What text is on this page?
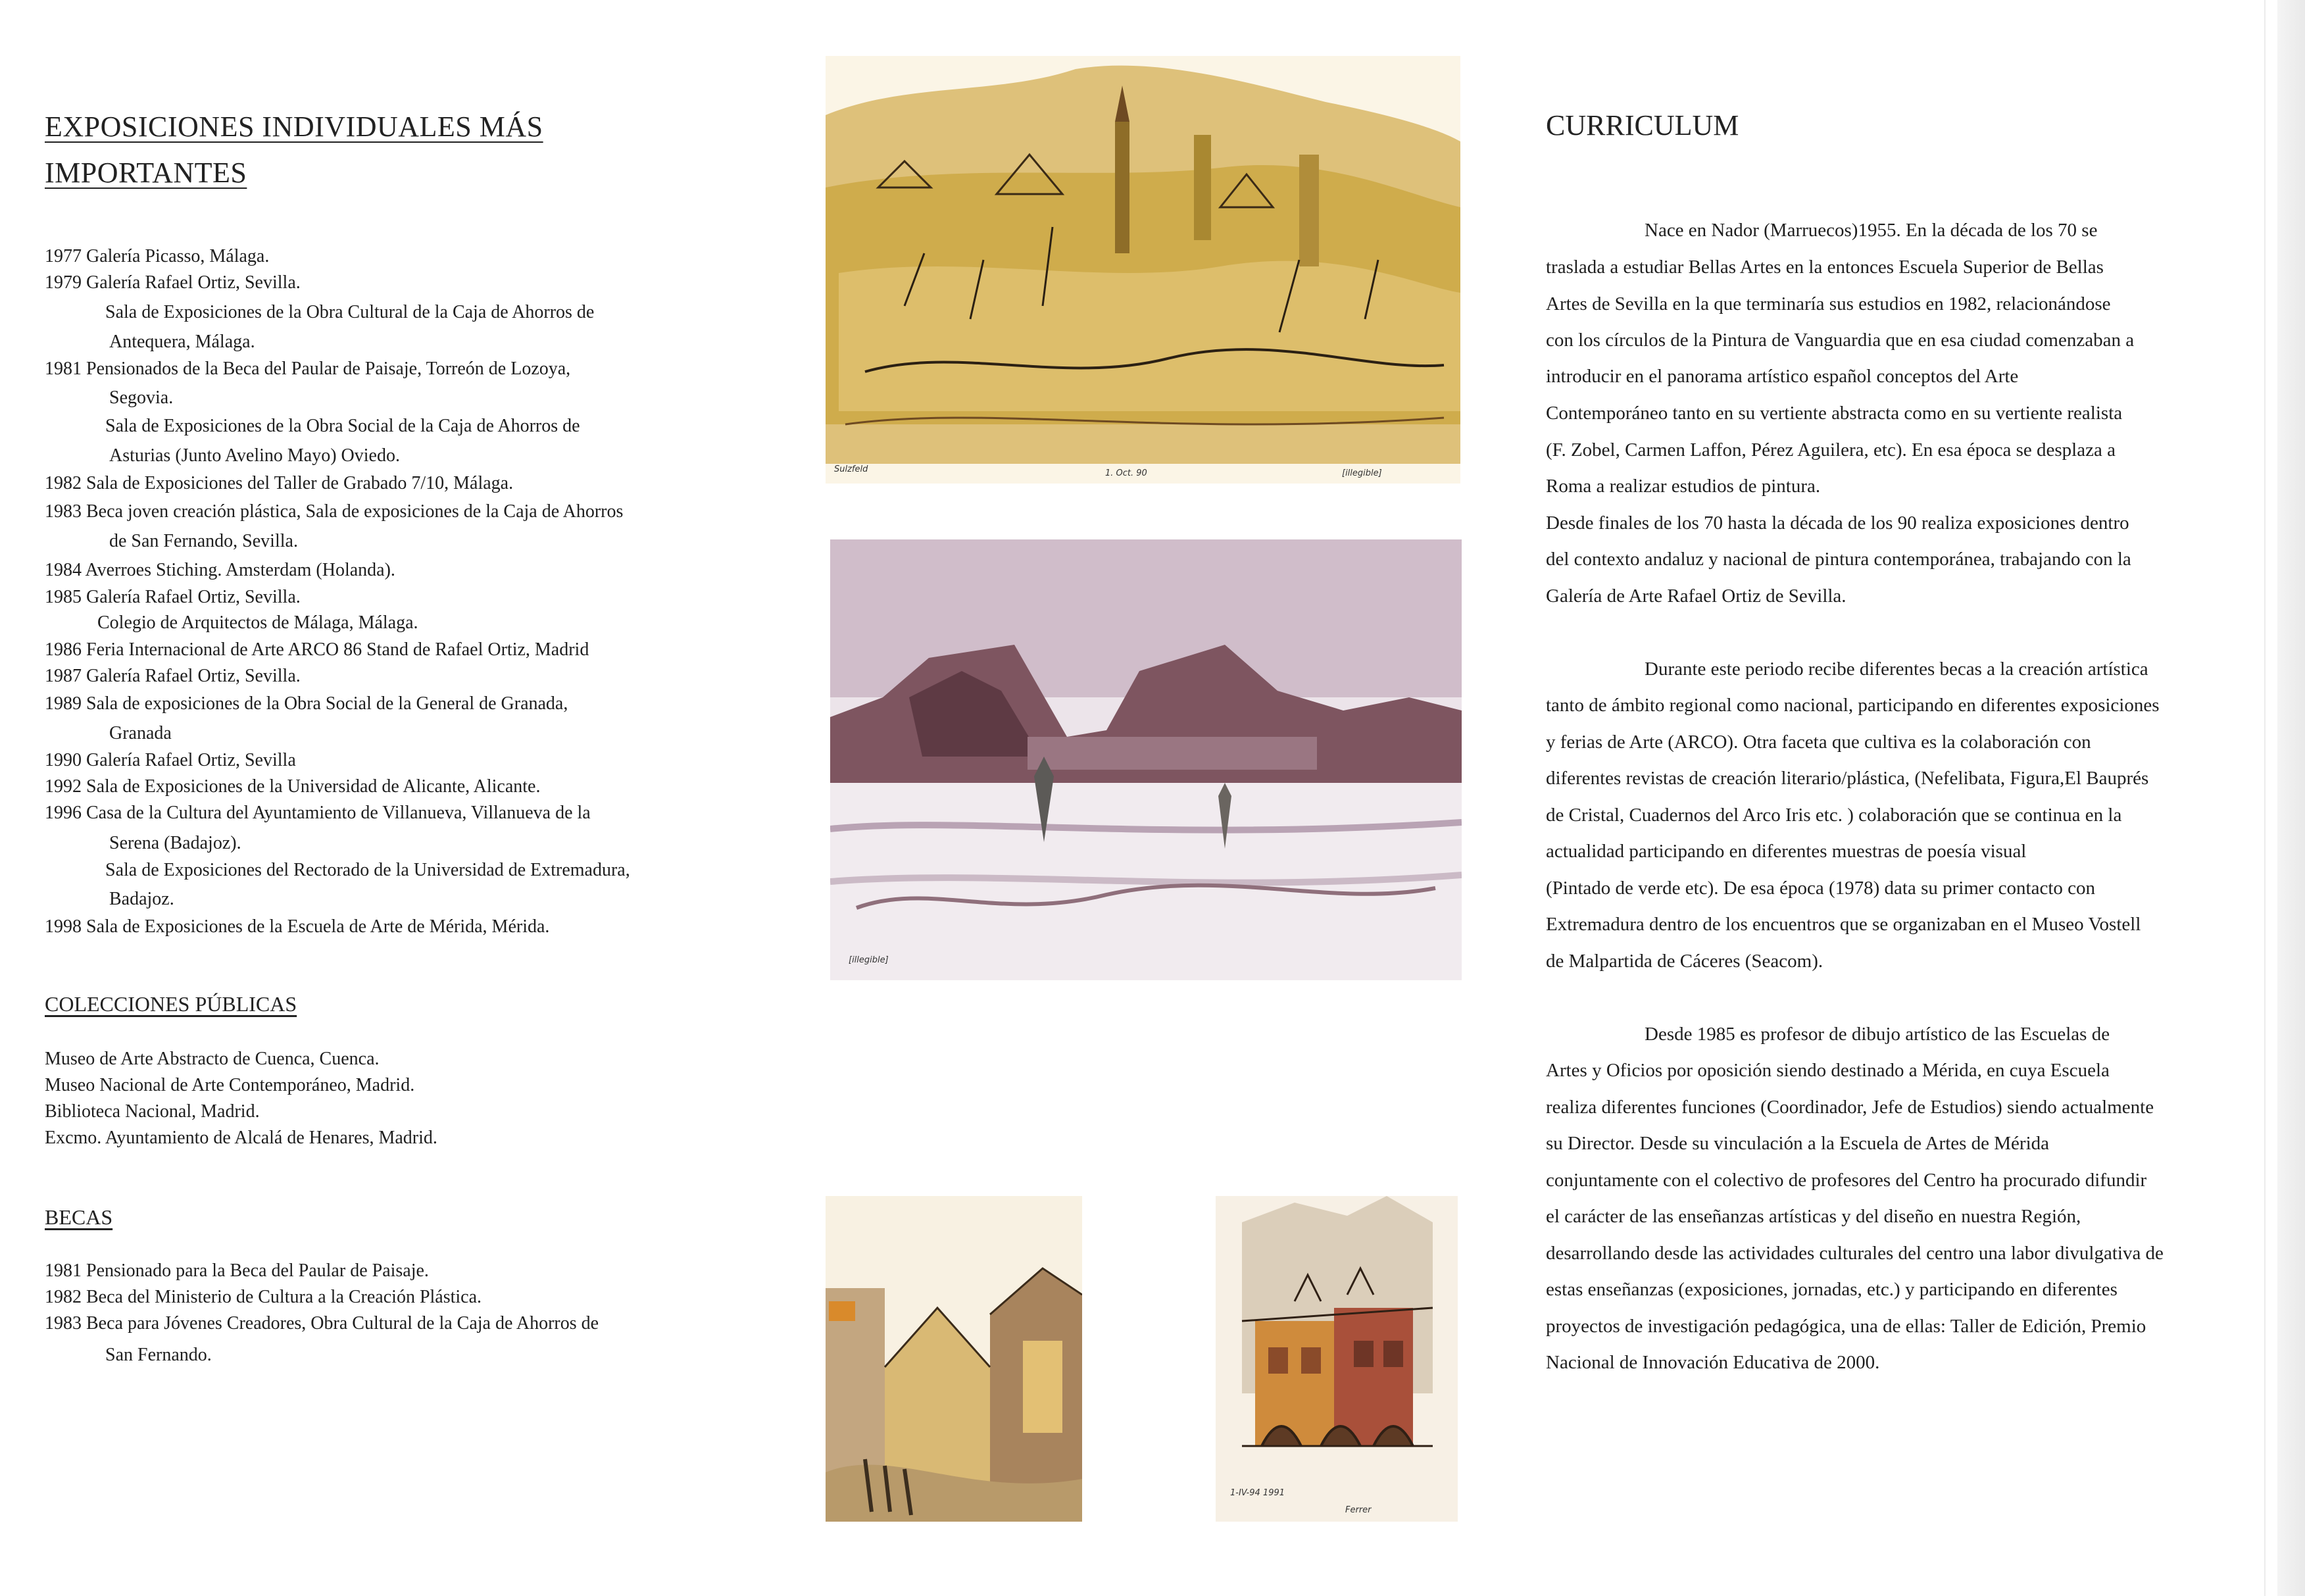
EXPOSICIONES INDIVIDUALES MÁS
IMPORTANTES
1977 Galería Picasso, Málaga.
1979 Galería Rafael Ortiz, Sevilla.
Sala de Exposiciones de la Obra Cultural de la Caja de Ahorros de
Antequera, Málaga.
1981 Pensionados de la Beca del Paular de Paisaje, Torreón de Lozoya,
Segovia.
Sala de Exposiciones de la Obra Social de la Caja de Ahorros de
Asturias (Junto Avelino Mayo) Oviedo.
1982 Sala de Exposiciones del Taller de Grabado 7/10, Málaga.
1983 Beca joven creación plástica, Sala de exposiciones de la Caja de Ahorros
de San Fernando, Sevilla.
1984 Averroes Stiching. Amsterdam (Holanda).
1985 Galería Rafael Ortiz, Sevilla.
Colegio de Arquitectos de Málaga, Málaga.
1986 Feria Internacional de Arte ARCO 86 Stand de Rafael Ortiz, Madrid
1987 Galería Rafael Ortiz, Sevilla.
1989 Sala de exposiciones de la Obra Social de la General de Granada,
Granada
1990 Galería Rafael Ortiz, Sevilla
1992 Sala de Exposiciones de la Universidad de Alicante, Alicante.
1996 Casa de la Cultura del Ayuntamiento de Villanueva, Villanueva de la
Serena (Badajoz).
Sala de Exposiciones del Rectorado de la Universidad de Extremadura,
Badajoz.
1998 Sala de Exposiciones de la Escuela de Arte de Mérida, Mérida.
COLECCIONES PÚBLICAS
Museo de Arte Abstracto de Cuenca, Cuenca.
Museo Nacional de Arte Contemporáneo, Madrid.
Biblioteca Nacional, Madrid.
Excmo. Ayuntamiento de Alcalá de Henares, Madrid.
BECAS
1981 Pensionado para la Beca del Paular de Paisaje.
1982 Beca del Ministerio de Cultura a la Creación Plástica.
1983 Beca para Jóvenes Creadores, Obra Cultural de la Caja de Ahorros de
San Fernando.
Sulzfeld	1. Oct. 90	[illegible]
[illegible]
1-IV-94 1991
Ferrer
CURRICULUM
Nace en Nador (Marruecos)1955. En la década de los 70 se
traslada a estudiar Bellas Artes en la entonces Escuela Superior de Bellas
Artes de Sevilla en la que terminaría sus estudios en 1982, relacionándose
con los círculos de la Pintura de Vanguardia que en esa ciudad comenzaban a
introducir en el panorama artístico español conceptos del Arte
Contemporáneo tanto en su vertiente abstracta como en su vertiente realista
(F. Zobel, Carmen Laffon, Pérez Aguilera, etc). En esa época se desplaza a
Roma a realizar estudios de pintura.
Desde finales de los 70 hasta la década de los 90 realiza exposiciones dentro
del contexto andaluz y nacional de pintura contemporánea, trabajando con la
Galería de Arte Rafael Ortiz de Sevilla.
Durante este periodo recibe diferentes becas a la creación artística
tanto de ámbito regional como nacional, participando en diferentes exposiciones
y ferias de Arte (ARCO). Otra faceta que cultiva es la colaboración con
diferentes revistas de creación literario/plástica, (Nefelibata, Figura,El Bauprés
de Cristal, Cuadernos del Arco Iris etc. ) colaboración que se continua en la
actualidad participando en diferentes muestras de poesía visual
(Pintado de verde etc). De esa época (1978) data su primer contacto con
Extremadura dentro de los encuentros que se organizaban en el Museo Vostell
de Malpartida de Cáceres (Seacom).
Desde 1985 es profesor de dibujo artístico de las Escuelas de
Artes y Oficios por oposición siendo destinado a Mérida, en cuya Escuela
realiza diferentes funciones (Coordinador, Jefe de Estudios) siendo actualmente
su Director. Desde su vinculación a la Escuela de Artes de Mérida
conjuntamente con el colectivo de profesores del Centro ha procurado difundir
el carácter de las enseñanzas artísticas y del diseño en nuestra Región,
desarrollando desde las actividades culturales del centro una labor divulgativa de
estas enseñanzas (exposiciones, jornadas, etc.) y participando en diferentes
proyectos de investigación pedagógica, una de ellas: Taller de Edición, Premio
Nacional de Innovación Educativa de 2000.
